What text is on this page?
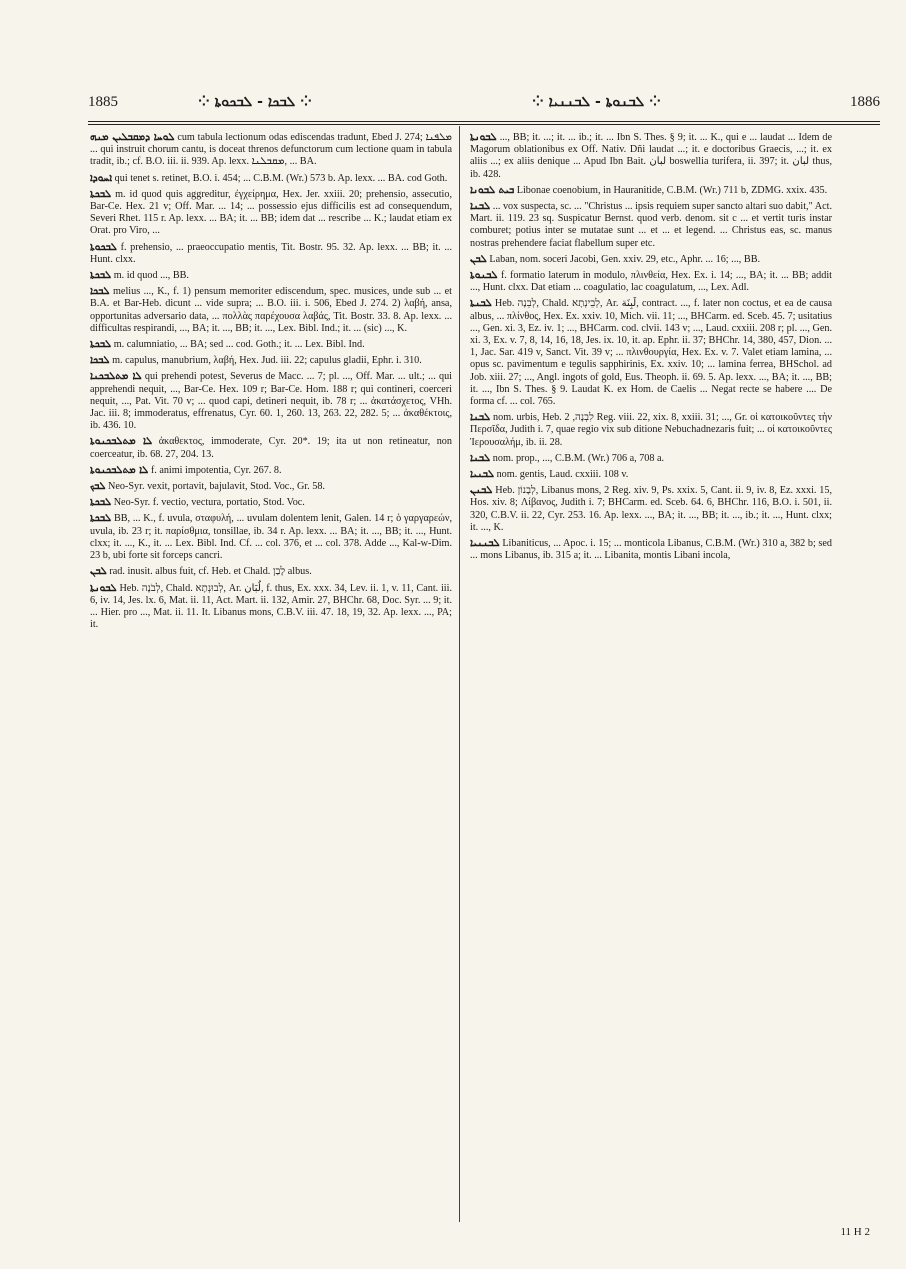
1885	⁘ ܠܒܟܐ - ܠܒܟܘܬܐ ⁘	⁘ ܠܒܢܘܬܐ - ܠܒܢܢܝܐ ⁘	1886

ܠܘܚܐ ܕܡܩܒܠܝܢ ܡܢܗ cum tabula lectionum odas ediscendas tradunt, Ebed J. 274; ܡܠܦܢܐ ... qui instruit chorum cantu, is doceat threnos defunctorum cum lectione quam in tabula tradit, ib.; cf. B.O. iii. ii. 939. Ap. lexx. ܡܩܒܠܢܐ, ... BA.

ܐܚܘܕܐ qui tenet s. retinet, B.O. i. 454; ... C.B.M. (Wr.) 573 b. Ap. lexx. ... BA. cod Goth.

ܠܒܟܬܐ m. id quod quis aggreditur, ἐγχείρημα, Hex. Jer. xxiii. 20; prehensio, assecutio, Bar-Ce. Hex. 21 v; Off. Mar. ... 14; ... possessio ejus difficilis est ad consequendum, Severi Rhet. 115 r. Ap. lexx. ... BA; it. ... BB; idem dat ... rescribe ... K.; laudat etiam ex Orat. pro Viro, ...

ܠܒܟܘܬܐ f. prehensio, ... praeoccupatio mentis, Tit. Bostr. 95. 32. Ap. lexx. ... BB; it. ... Hunt. clxx.

ܠܒܟܬܐ m. id quod ..., BB.

ܠܒܟܐ melius ..., K., f. 1) pensum memoriter ediscendum, spec. musices, unde sub ... et B.A. et Bar-Heb. dicunt ... vide supra; ... B.O. iii. i. 506, Ebed J. 274. 2) λαβή, ansa, opportunitas adversario data, ... πολλὰς παρέχουσα λαβάς, Tit. Bostr. 33. 8. Ap. lexx. ... difficultas respirandi, ..., BA; it. ..., BB; it. ..., Lex. Bibl. Ind.; it. ... (sic) ..., K.

ܠܒܟܬܐ m. calumniatio, ... BA; sed ... cod. Goth.; it. ... Lex. Bibl. Ind.

ܠܒܟܐ m. capulus, manubrium, λαβή, Hex. Jud. iii. 22; capulus gladii, Ephr. i. 310.

ܠܐ ܡܬܠܒܟܢܐ qui prehendi potest, Severus de Macc. ... 7; pl. ..., Off. Mar. ... ult.; ... qui apprehendi nequit, ..., Bar-Ce. Hex. 109 r; Bar-Ce. Hom. 188 r; qui contineri, coerceri nequit, ..., Pat. Vit. 70 v; ... quod capi, detineri nequit, ib. 78 r; ... ἀκατάσχετος, VHh. Jac. iii. 8; immoderatus, effrenatus, Cyr. 60. 1, 260. 13, 263. 22, 282. 5; ... ἀκαθέκτοις, ib. 436. 10.

ܠܐ ܡܬܠܒܟܢܘܬܐ ἀκαθεκτος, immoderate, Cyr. 20*. 19; ita ut non retineatur, non coerceatur, ib. 68. 27, 204. 13.

ܠܐ ܡܬܠܒܟܢܘܬܐ f. animi impotentia, Cyr. 267. 8.

ܠܒܟ Neo-Syr. vexit, portavit, bajulavit, Stod. Voc., Gr. 58.

ܠܒܟܬܐ Neo-Syr. f. vectio, vectura, portatio, Stod. Voc.

ܠܒܟܬܐ BB, ... K., f. uvula, σταφυλή, ... uvulam dolentem lenit, Galen. 14 r; ὁ γαργαρεών, uvula, ib. 23 r; it. παρίσθμια, tonsillae, ib. 34 r. Ap. lexx. ... BA; it. ..., BB; it. ..., Hunt. clxx; it. ..., K., it. ... Lex. Bibl. Ind. Cf. ... col. 376, et ... col. 378. Adde ..., Kal-w-Dim. 23 b, ubi forte sit forceps cancri.

ܠܒܢ rad. inusit. albus fuit, cf. Heb. et Chald. לָבַן albus.

ܠܒܘܢܬܐ Heb. לְבֹנָה, Chald. לְבוּנְתָא, Ar. لُبَان, f. thus, Ex. xxx. 34, Lev. ii. 1, v. 11, Cant. iii. 6, iv. 14, Jes. lx. 6, Mat. ii. 11, Act. Mart. ii. 132, Amir. 27, BHChr. 68, Doc. Syr. ... 9; it. ... Hier. pro ..., Mat. ii. 11. It. Libanus mons, C.B.V. iii. 47. 18, 19, 32. Ap. lexx. ..., PA; it.

ܠܒܘܢܬܐ ..., BB; it. ...; it. ... ib.; it. ... Ibn S. Thes. § 9; it. ... K., qui e ... laudat ... Idem de Magorum oblationibus ex Off. Nativ. Dñi laudat ...; it. e doctoribus Graecis, ...; it. ex aliis ...; ex aliis denique ... Apud Ibn Bait. لبان boswellia turifera, ii. 397; it. لبان thus, ib. 428.

ܒܝܬ ܠܒܘܢܐ Libonae coenobium, in Hauranitide, C.B.M. (Wr.) 711 b, ZDMG. xxix. 435.

ܠܒܢܐ ... vox suspecta, sc. ... "Christus ... ipsis requiem super sancto altari suo dabit," Act. Mart. ii. 119. 23 sq. Suspicatur Bernst. quod verb. denom. sit c ... et vertit turis instar comburet; potius inter se mutatae sunt ... et ... et legend. ... Christus eas, sc. manus nostras prehendere faciat flabellum super etc.

ܠܒܢ Laban, nom. soceri Jacobi, Gen. xxiv. 29, etc., Aphr. ... 16; ..., BB.

ܠܒܢܘܬܐ f. formatio laterum in modulo, πλινθεία, Hex. Ex. i. 14; ..., BA; it. ... BB; addit ..., Hunt. clxx. Dat etiam ... coagulatio, lac coagulatum, ..., Lex. Adl.

ܠܒܢܬܐ Heb. לְבֵנָה, Chald. לְבֵינְתָא, Ar. لَبِنَة, contract. ..., f. later non coctus, et ea de causa albus, ... πλίνθος, Hex. Ex. xxiv. 10, Mich. vii. 11; ..., BHCarm. ed. Sceb. 45. 7; usitatius ..., Gen. xi. 3, Ez. iv. 1; ..., BHCarm. cod. clvii. 143 v; ..., Laud. cxxiii. 208 r; pl. ..., Gen. xi. 3, Ex. v. 7, 8, 14, 16, 18, Jes. ix. 10, it. ap. Ephr. ii. 37; BHChr. 14, 380, 457, Dion. ... 1, Jac. Sar. 419 v, Sanct. Vit. 39 v; ... πλινθουργία, Hex. Ex. v. 7. Valet etiam lamina, ... opus sc. pavimentum e tegulis sapphirinis, Ex. xxiv. 10; ... lamina ferrea, BHSchol. ad Job. xiii. 27; ..., Angl. ingots of gold, Eus. Theoph. ii. 69. 5. Ap. lexx. ..., BA; it. ..., BB; it. ..., Ibn S. Thes. § 9. Laudat K. ex Hom. de Caelis ... Negat recte se habere .... De forma cf. ... col. 765.

ܠܒܢܐ nom. urbis, Heb. לִבְנָה, 2 Reg. viii. 22, xix. 8, xxiii. 31; ..., Gr. οἱ κατοικοῦντες τὴν Περσῖδα, Judith i. 7, quae regio vix sub ditione Nebuchadnezaris fuit; ... οἱ κατοικοῦντες Ἰερουσαλήμ, ib. ii. 28.

ܠܒܢܐ nom. prop., ..., C.B.M. (Wr.) 706 a, 708 a.

ܠܒܢܝܐ nom. gentis, Laud. cxxiii. 108 v.

ܠܒܢܢ Heb. לְבָנוֹן, Libanus mons, 2 Reg. xiv. 9, Ps. xxix. 5, Cant. ii. 9, iv. 8, Ez. xxxi. 15, Hos. xiv. 8; Λίβανος, Judith i. 7; BHCarm. ed. Sceb. 64. 6, BHChr. 116, B.O. i. 501, ii. 320, C.B.V. ii. 22, Cyr. 253. 16. Ap. lexx. ..., BA; it. ..., BB; it. ..., ib.; it. ..., Hunt. clxx; it. ..., K.

ܠܒܢܢܝܐ Libaniticus, ... Apoc. i. 15; ... monticola Libanus, C.B.M. (Wr.) 310 a, 382 b; sed ... mons Libanus, ib. 315 a; it. ... Libanita, montis Libani incola,

11 H 2
